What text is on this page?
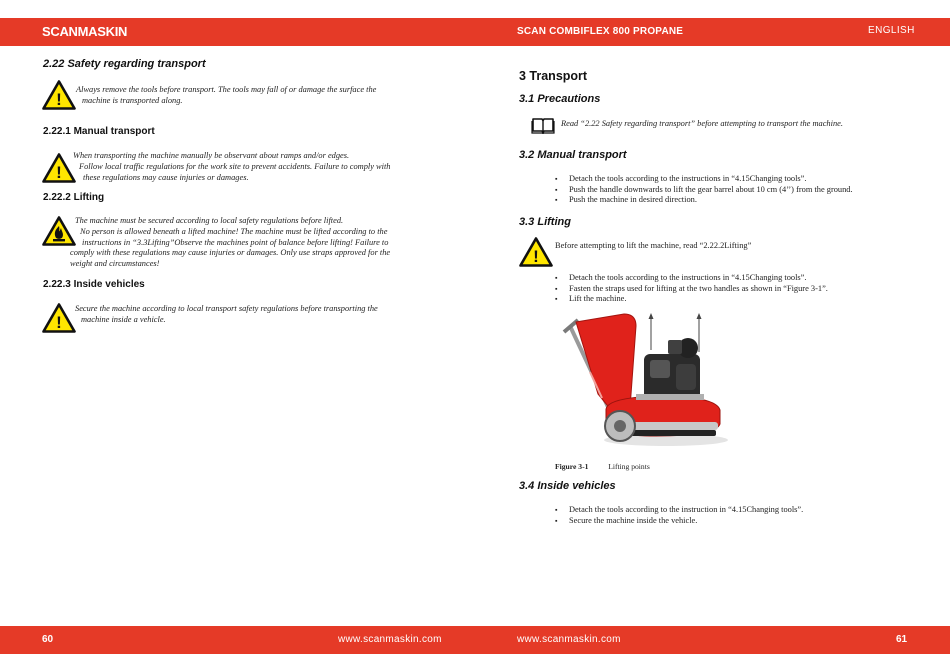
SCANMASKIN	SCAN COMBIFLEX 800 PROPANE	ENGLISH
2.22 Safety regarding transport
!
Always remove the tools before transport. The tools may fall of or damage the surface the
machine is transported along.
2.22.1 Manual transport
!
When transporting the machine manually be observant about ramps and/or edges.
Follow local traffic regulations for the work site to prevent accidents. Failure to comply with
these regulations may cause injuries or damages.
2.22.2 Lifting
The machine must be secured according to local safety regulations before lifted.
No person is allowed beneath a lifted machine! The machine must be lifted according to the
instructions in “3.3Lifting”Observe the machines point of balance before lifting! Failure to
comply with these regulations may cause injuries or damages. Only use straps approved for the
weight and circumstances!
2.22.3 Inside vehicles
!
Secure the machine according to local transport safety regulations before transporting the
machine inside a vehicle.
3 Transport
3.1 Precautions
Read “2.22 Safety regarding transport” before attempting to transport the machine.
3.2 Manual transport
▪ Detach the tools according to the instructions in “4.15Changing tools”.
▪ Push the handle downwards to lift the gear barrel about 10 cm (4’’) from the ground.
▪ Push the machine in desired direction.
3.3 Lifting
!
Before attempting to lift the machine, read “2.22.2Lifting”
▪ Detach the tools according to the instructions in “4.15Changing tools”.
▪ Fasten the straps used for lifting at the two handles as shown in “Figure 3-1”.
▪ Lift the machine.
Figure 3-1	Lifting points
3.4 Inside vehicles
▪ Detach the tools according to the instruction in “4.15Changing tools”.
▪ Secure the machine inside the vehicle.
60	www.scanmaskin.com	www.scanmaskin.com	61
